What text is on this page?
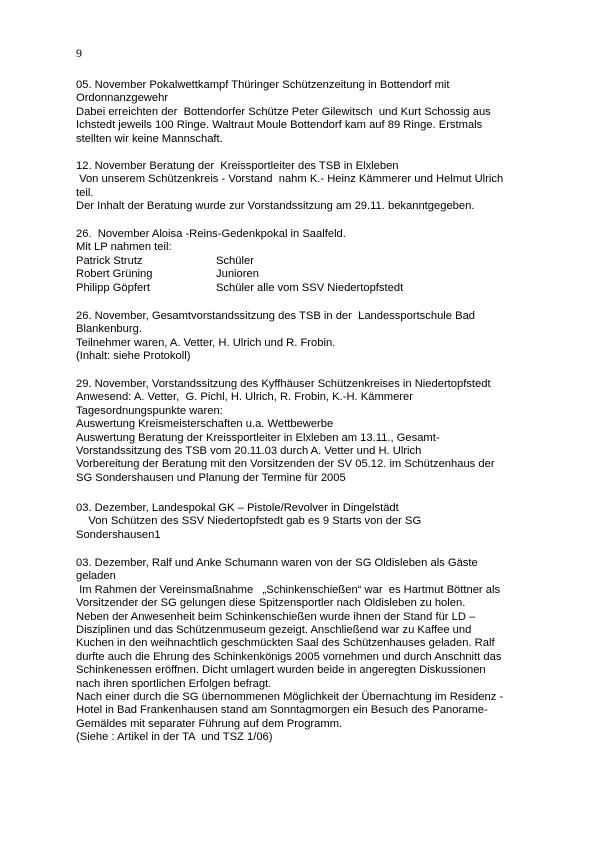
9
05. November Pokalwettkampf Thüringer Schützenzeitung in Bottendorf mit
Ordonnanzgewehr
Dabei erreichten der  Bottendorfer Schütze Peter Gilewitsch  und Kurt Schossig aus
Ichstedt jeweils 100 Ringe. Waltraut Moule Bottendorf kam auf 89 Ringe. Erstmals
stellten wir keine Mannschaft.
12. November Beratung der  Kreissportleiter des TSB in Elxleben
Von unserem Schützenkreis - Vorstand  nahm K.- Heinz Kämmerer und Helmut Ulrich
teil.
Der Inhalt der Beratung wurde zur Vorstandssitzung am 29.11. bekanntgegeben.
26.  November Aloisa -Reins-Gedenkpokal in Saalfeld.
Mit LP nahmen teil:
Patrick Strutz	Schüler
Robert Grüning	Junioren
Philipp Göpfert	Schüler alle vom SSV Niedertopfstedt
26. November, Gesamtvorstandssitzung des TSB in der  Landessportschule Bad
Blankenburg.
Teilnehmer waren, A. Vetter, H. Ulrich und R. Frobin.
(Inhalt: siehe Protokoll)
29. November, Vorstandssitzung des Kyffhäuser Schützenkreises in Niedertopfstedt
Anwesend: A. Vetter,  G. Pichl, H. Ulrich, R. Frobin, K.-H. Kämmerer
Tagesordnungspunkte waren:
Auswertung Kreismeisterschaften u.a. Wettbewerbe
Auswertung Beratung der Kreissportleiter in Elxleben am 13.11., Gesamt-
Vorstandssitzung des TSB vom 20.11.03 durch A. Vetter und H. Ulrich
Vorbereitung der Beratung mit den Vorsitzenden der SV 05.12. im Schützenhaus der
SG Sondershausen und Planung der Termine für 2005
03. Dezember, Landespokal GK – Pistole/Revolver in Dingelstädt
Von Schützen des SSV Niedertopfstedt gab es 9 Starts von der SG
Sondershausen1
03. Dezember, Ralf und Anke Schumann waren von der SG Oldisleben als Gäste
geladen
Im Rahmen der Vereinsmaßnahme   „Schinkenschießen“ war  es Hartmut Böttner als
Vorsitzender der SG gelungen diese Spitzensportler nach Oldisleben zu holen.
Neben der Anwesenheit beim Schinkenschießen wurde ihnen der Stand für LD –
Disziplinen und das Schützenmuseum gezeigt. Anschließend war zu Kaffee und
Kuchen in den weihnachtlich geschmückten Saal des Schützenhauses geladen. Ralf
durfte auch die Ehrung des Schinkenkönigs 2005 vornehmen und durch Anschnitt das
Schinkenessen eröffnen. Dicht umlagert wurden beide in angeregten Diskussionen
nach ihren sportlichen Erfolgen befragt.
Nach einer durch die SG übernommenen Möglichkeit der Übernachtung im Residenz -
Hotel in Bad Frankenhausen stand am Sonntagmorgen ein Besuch des Panorame-
Gemäldes mit separater Führung auf dem Programm.
(Siehe : Artikel in der TA  und TSZ 1/06)
